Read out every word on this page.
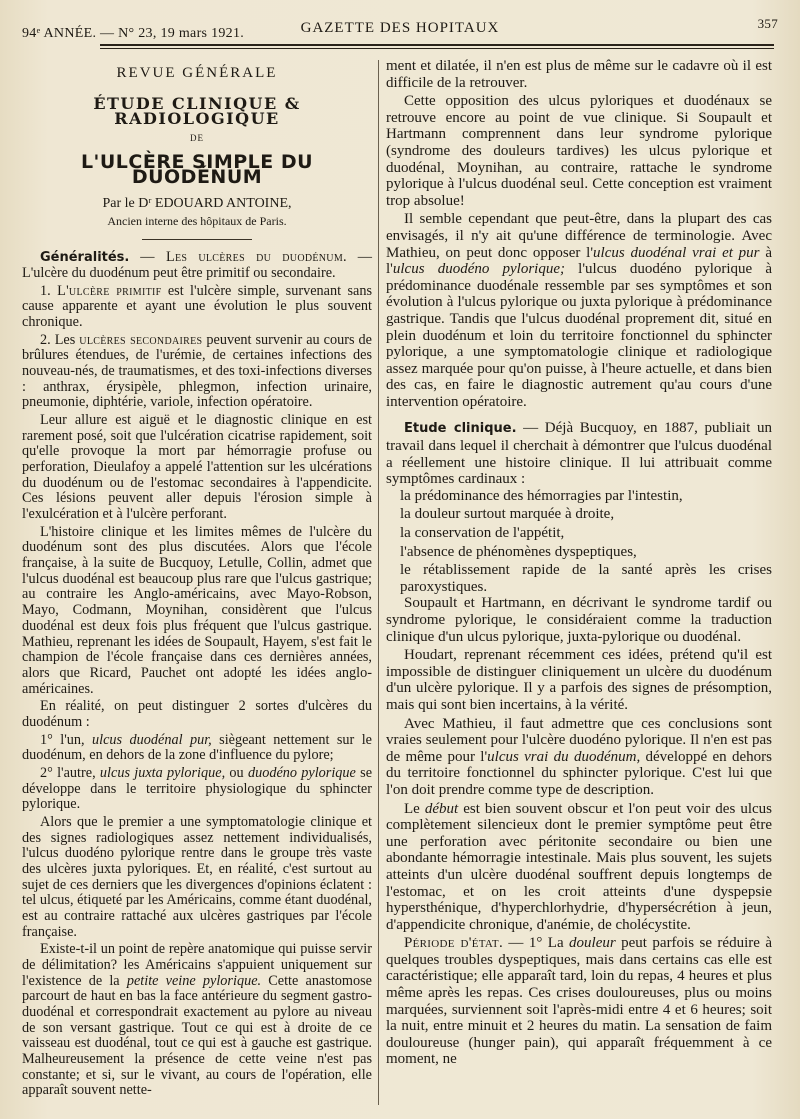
94ᵉ ANNÉE. — N° 23, 19 mars 1921.	GAZETTE DES HOPITAUX	357
REVUE GÉNÉRALE
ÉTUDE CLINIQUE & RADIOLOGIQUE
DE
L'ULCÈRE SIMPLE DU DUODÉNUM
Par le Dʳ EDOUARD ANTOINE,
Ancien interne des hôpitaux de Paris.

Généralités. — Les ulcères du duodénum. — L'ulcère du duodénum peut être primitif ou secondaire.

1. L'ulcère primitif est l'ulcère simple, survenant sans cause apparente et ayant une évolution le plus souvent chronique.

2. Les ulcères secondaires peuvent survenir au cours de brûlures étendues, de l'urémie, de certaines infections des nouveau-nés, de traumatismes, et des toxi-infections diverses : anthrax, érysipèle, phlegmon, infection urinaire, pneumonie, diphtérie, variole, infection opératoire.

Leur allure est aiguë et le diagnostic clinique en est rarement posé, soit que l'ulcération cicatrise rapidement, soit qu'elle provoque la mort par hémorragie profuse ou perforation, Dieulafoy a appelé l'attention sur les ulcérations du duodénum ou de l'estomac secondaires à l'appendicite. Ces lésions peuvent aller depuis l'érosion simple à l'exulcération et à l'ulcère perforant.

L'histoire clinique et les limites mêmes de l'ulcère du duodénum sont des plus discutées. Alors que l'école française, à la suite de Bucquoy, Letulle, Collin, admet que l'ulcus duodénal est beaucoup plus rare que l'ulcus gastrique; au contraire les Anglo-américains, avec Mayo-Robson, Mayo, Codmann, Moynihan, considèrent que l'ulcus duodénal est deux fois plus fréquent que l'ulcus gastrique. Mathieu, reprenant les idées de Soupault, Hayem, s'est fait le champion de l'école française dans ces dernières années, alors que Ricard, Pauchet ont adopté les idées anglo-américaines.

En réalité, on peut distinguer 2 sortes d'ulcères du duodénum :

1° l'un, ulcus duodénal pur, siègeant nettement sur le duodénum, en dehors de la zone d'influence du pylore;

2° l'autre, ulcus juxta pylorique, ou duodéno pylorique se développe dans le territoire physiologique du sphincter pylorique.

Alors que le premier a une symptomatologie clinique et des signes radiologiques assez nettement individualisés, l'ulcus duodéno pylorique rentre dans le groupe très vaste des ulcères juxta pyloriques. Et, en réalité, c'est surtout au sujet de ces derniers que les divergences d'opinions éclatent : tel ulcus, étiqueté par les Américains, comme étant duodénal, est au contraire rattaché aux ulcères gastriques par l'école française.

Existe-t-il un point de repère anatomique qui puisse servir de délimitation? les Américains s'appuient uniquement sur l'existence de la petite veine pylorique. Cette anastomose parcourt de haut en bas la face antérieure du segment gastro-duodénal et correspondrait exactement au pylore au niveau de son versant gastrique. Tout ce qui est à droite de ce vaisseau est duodénal, tout ce qui est à gauche est gastrique. Malheureusement la présence de cette veine n'est pas constante; et si, sur le vivant, au cours de l'opération, elle apparaît souvent nette-

ment et dilatée, il n'en est plus de même sur le cadavre où il est difficile de la retrouver.

Cette opposition des ulcus pyloriques et duodénaux se retrouve encore au point de vue clinique. Si Soupault et Hartmann comprennent dans leur syndrome pylorique (syndrome des douleurs tardives) les ulcus pylorique et duodénal, Moynihan, au contraire, rattache le syndrome pylorique à l'ulcus duodénal seul. Cette conception est vraiment trop absolue!

Il semble cependant que peut-être, dans la plupart des cas envisagés, il n'y ait qu'une différence de terminologie. Avec Mathieu, on peut donc opposer l'ulcus duodénal vrai et pur à l'ulcus duodéno pylorique; l'ulcus duodéno pylorique à prédominance duodénale ressemble par ses symptômes et son évolution à l'ulcus pylorique ou juxta pylorique à prédominance gastrique. Tandis que l'ulcus duodénal proprement dit, situé en plein duodénum et loin du territoire fonctionnel du sphincter pylorique, a une symptomatologie clinique et radiologique assez marquée pour qu'on puisse, à l'heure actuelle, et dans bien des cas, en faire le diagnostic autrement qu'au cours d'une intervention opératoire.

Etude clinique. — Déjà Bucquoy, en 1887, publiait un travail dans lequel il cherchait à démontrer que l'ulcus duodénal a réellement une histoire clinique. Il lui attribuait comme symptômes cardinaux :

la prédominance des hémorragies par l'intestin,

la douleur surtout marquée à droite,

la conservation de l'appétit,

l'absence de phénomènes dyspeptiques,

le rétablissement rapide de la santé après les crises paroxystiques.

Soupault et Hartmann, en décrivant le syndrome tardif ou syndrome pylorique, le considéraient comme la traduction clinique d'un ulcus pylorique, juxta-pylorique ou duodénal.

Houdart, reprenant récemment ces idées, prétend qu'il est impossible de distinguer cliniquement un ulcère du duodénum d'un ulcère pylorique. Il y a parfois des signes de présomption, mais qui sont bien incertains, à la vérité.

Avec Mathieu, il faut admettre que ces conclusions sont vraies seulement pour l'ulcère duodéno pylorique. Il n'en est pas de même pour l'ulcus vrai du duodénum, développé en dehors du territoire fonctionnel du sphincter pylorique. C'est lui que l'on doit prendre comme type de description.

Le début est bien souvent obscur et l'on peut voir des ulcus complètement silencieux dont le premier symptôme peut être une perforation avec péritonite secondaire ou bien une abondante hémorragie intestinale. Mais plus souvent, les sujets atteints d'un ulcère duodénal souffrent depuis longtemps de l'estomac, et on les croit atteints d'une dyspepsie hypersthénique, d'hyperchlorhydrie, d'hypersécrétion à jeun, d'appendicite chronique, d'anémie, de cholécystite.

Période d'état. — 1° La douleur peut parfois se réduire à quelques troubles dyspeptiques, mais dans certains cas elle est caractéristique; elle apparaît tard, loin du repas, 4 heures et plus même après les repas. Ces crises douloureuses, plus ou moins marquées, surviennent soit l'après-midi entre 4 et 6 heures; soit la nuit, entre minuit et 2 heures du matin. La sensation de faim douloureuse (hunger pain), qui apparaît fréquemment à ce moment, ne
